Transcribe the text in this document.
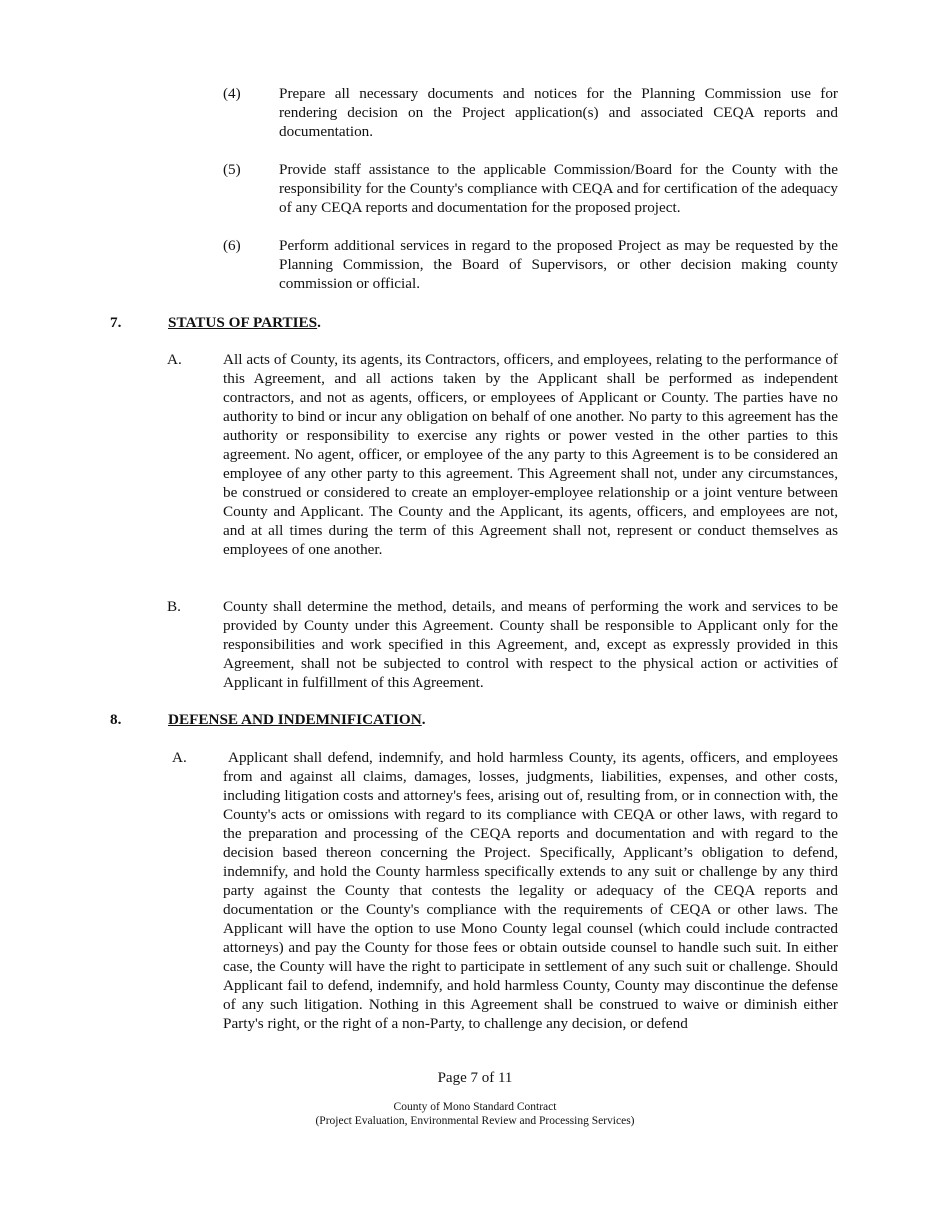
(4)	Prepare all necessary documents and notices for the Planning Commission use for rendering decision on the Project application(s) and associated CEQA reports and documentation.
(5)	Provide staff assistance to the applicable Commission/Board for the County with the responsibility for the County's compliance with CEQA and for certification of the adequacy of any CEQA reports and documentation for the proposed project.
(6)	Perform additional services in regard to the proposed Project as may be requested by the Planning Commission, the Board of Supervisors, or other decision making county commission or official.
7.	STATUS OF PARTIES.
A.	All acts of County, its agents, its Contractors, officers, and employees, relating to the performance of this Agreement, and all actions taken by the Applicant shall be performed as independent contractors, and not as agents, officers, or employees of Applicant or County. The parties have no authority to bind or incur any obligation on behalf of one another. No party to this agreement has the authority or responsibility to exercise any rights or power vested in the other parties to this agreement. No agent, officer, or employee of the any party to this Agreement is to be considered an employee of any other party to this agreement. This Agreement shall not, under any circumstances, be construed or considered to create an employer-employee relationship or a joint venture between County and Applicant. The County and the Applicant, its agents, officers, and employees are not, and at all times during the term of this Agreement shall not, represent or conduct themselves as employees of one another.
B.	County shall determine the method, details, and means of performing the work and services to be provided by County under this Agreement. County shall be responsible to Applicant only for the responsibilities and work specified in this Agreement, and, except as expressly provided in this Agreement, shall not be subjected to control with respect to the physical action or activities of Applicant in fulfillment of this Agreement.
8.	DEFENSE AND INDEMNIFICATION.
A.	Applicant shall defend, indemnify, and hold harmless County, its agents, officers, and employees from and against all claims, damages, losses, judgments, liabilities, expenses, and other costs, including litigation costs and attorney's fees, arising out of, resulting from, or in connection with, the County's acts or omissions with regard to its compliance with CEQA or other laws, with regard to the preparation and processing of the CEQA reports and documentation and with regard to the decision based thereon concerning the Project. Specifically, Applicant’s obligation to defend, indemnify, and hold the County harmless specifically extends to any suit or challenge by any third party against the County that contests the legality or adequacy of the CEQA reports and documentation or the County's compliance with the requirements of CEQA or other laws. The Applicant will have the option to use Mono County legal counsel (which could include contracted attorneys) and pay the County for those fees or obtain outside counsel to handle such suit. In either case, the County will have the right to participate in settlement of any such suit or challenge. Should Applicant fail to defend, indemnify, and hold harmless County, County may discontinue the defense of any such litigation. Nothing in this Agreement shall be construed to waive or diminish either Party's right, or the right of a non-Party, to challenge any decision, or defend
Page 7 of 11
County of Mono Standard Contract
(Project Evaluation, Environmental Review and Processing Services)
